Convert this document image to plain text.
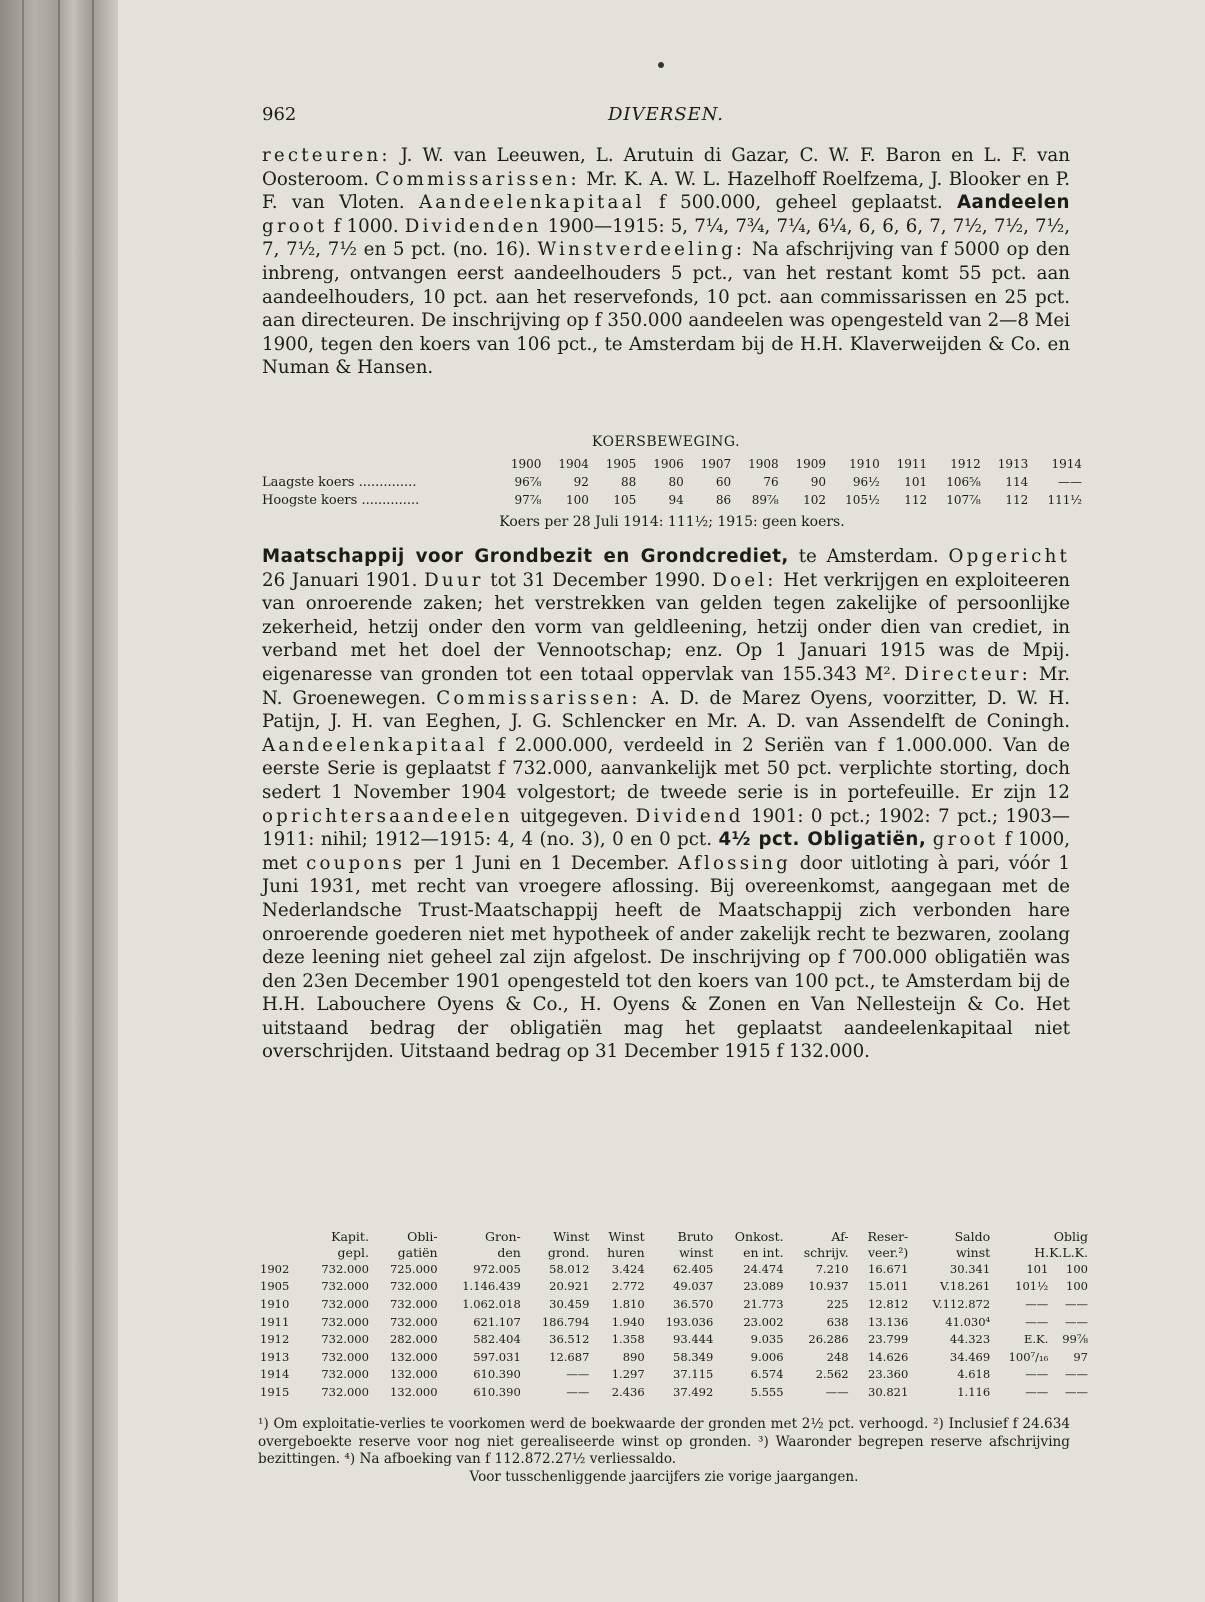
962	DIVERSEN.
recteuren: J. W. van Leeuwen, L. Arutuin di Gazar, C. W. F. Baron en L. F. van Oosteroom. Commissarissen: Mr. K. A. W. L. Hazelhoff Roelfzema, J. Blooker en P. F. van Vloten. Aandeelenkapitaal f 500.000, geheel geplaatst. Aandeelen groot f 1000. Dividenden 1900—1915: 5, 7¼, 7¾, 7¼, 6¼, 6, 6, 6, 7, 7½, 7½, 7½, 7, 7½, 7½ en 5 pct. (no. 16). Winstverdeeling: Na afschrijving van f 5000 op den inbreng, ontvangen eerst aandeelhouders 5 pct., van het restant komt 55 pct. aan aandeelhouders, 10 pct. aan het reservefonds, 10 pct. aan commissarissen en 25 pct. aan directeuren. De inschrijving op f 350.000 aandeelen was opengesteld van 2—8 Mei 1900, tegen den koers van 106 pct., te Amsterdam bij de H.H. Klaverweijden & Co. en Numan & Hansen.
KOERSBEWEGING.
	1900	1904	1905	1906	1907	1908	1909	1910	1911	1912	1913	1914
Laagste koers ..............	96⅞	92	88	80	60	76	90	96½	101	106⅝	114	——
Hoogste koers ..............	97⅞	100	105	94	86	89⅞	102	105½	112	107⅞	112	111½
Koers per 28 Juli 1914: 111½; 1915: geen koers.
Maatschappij voor Grondbezit en Grondcrediet, te Amsterdam. Opgericht 26 Januari 1901. Duur tot 31 December 1990. Doel: Het verkrijgen en exploiteeren van onroerende zaken; het verstrekken van gelden tegen zakelijke of persoonlijke zekerheid, hetzij onder den vorm van geldleening, hetzij onder dien van crediet, in verband met het doel der Vennootschap; enz. Op 1 Januari 1915 was de Mpij. eigenaresse van gronden tot een totaal oppervlak van 155.343 M². Directeur: Mr. N. Groenewegen. Commissarissen: A. D. de Marez Oyens, voorzitter, D. W. H. Patijn, J. H. van Eeghen, J. G. Schlencker en Mr. A. D. van Assendelft de Coningh. Aandeelenkapitaal f 2.000.000, verdeeld in 2 Seriën van f 1.000.000. Van de eerste Serie is geplaatst f 732.000, aanvankelijk met 50 pct. verplichte storting, doch sedert 1 November 1904 volgestort; de tweede serie is in portefeuille. Er zijn 12 oprichtersaandeelen uitgegeven. Dividend 1901: 0 pct.; 1902: 7 pct.; 1903—1911: nihil; 1912—1915: 4, 4 (no. 3), 0 en 0 pct. 4½ pct. Obligatiën, groot f 1000, met coupons per 1 Juni en 1 December. Aflossing door uitloting à pari, vóór 1 Juni 1931, met recht van vroegere aflossing. Bij overeenkomst, aangegaan met de Nederlandsche Trust-Maatschappij heeft de Maatschappij zich verbonden hare onroerende goederen niet met hypotheek of ander zakelijk recht te bezwaren, zoolang deze leening niet geheel zal zijn afgelost. De inschrijving op f 700.000 obligatiën was den 23en December 1901 opengesteld tot den koers van 100 pct., te Amsterdam bij de H.H. Labouchere Oyens & Co., H. Oyens & Zonen en Van Nellesteijn & Co. Het uitstaand bedrag der obligatiën mag het geplaatst aandeelenkapitaal niet overschrijden. Uitstaand bedrag op 31 December 1915 f 132.000.
	Kapit.	Obli-	Gron-	Winst	Winst	Bruto	Onkost.	Af-	Reser-	Saldo	Oblig	
	gepl.	gatiën	den	grond.	huren	winst	en int.	schrijv.	veer.²)	winst	H.K.L.K.	
1902	732.000	725.000	972.005	58.012	3.424	62.405	24.474	7.210	16.671	30.341	101	100
1905	732.000	732.000	1.146.439	20.921	2.772	49.037	23.089	10.937	15.011	V.18.261	101½	100
1910	732.000	732.000	1.062.018	30.459	1.810	36.570	21.773	225	12.812	V.112.872	——	——
1911	732.000	732.000	621.107	186.794	1.940	193.036	23.002	638	13.136	41.030⁴	——	——
1912	732.000	282.000	582.404	36.512	1.358	93.444	9.035	26.286	23.799	44.323	E.K.	99⅞
1913	732.000	132.000	597.031	12.687	890	58.349	9.006	248	14.626	34.469	100⁷/₁₆	97
1914	732.000	132.000	610.390	——	1.297	37.115	6.574	2.562	23.360	4.618	——	——
1915	732.000	132.000	610.390	——	2.436	37.492	5.555	——	30.821	1.116	——	——
¹) Om exploitatie-verlies te voorkomen werd de boekwaarde der gronden met 2½ pct. verhoogd. ²) Inclusief f 24.634 overgeboekte reserve voor nog niet gerealiseerde winst op gronden. ³) Waaronder begrepen reserve afschrijving bezittingen. ⁴) Na afboeking van f 112.872.27½ verliessaldo.
Voor tusschenliggende jaarcijfers zie vorige jaargangen.
